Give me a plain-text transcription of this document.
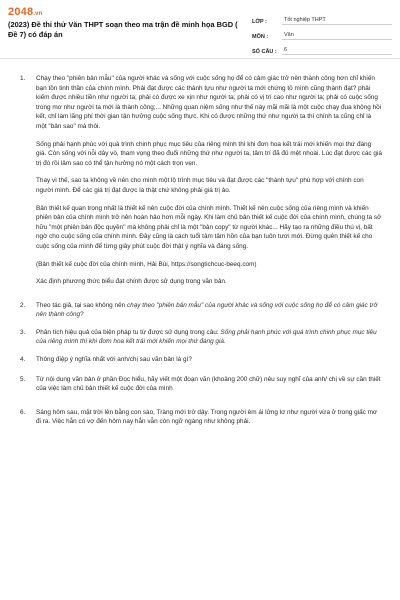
2048.vn
(2023) Đề thi thử Văn THPT soạn theo ma trận đề minh họa BGD ( Đề 7) có đáp án
LỚP :	Tốt nghiệp THPT
MÔN :	Văn
SỐ CÂU :	6
1. Chạy theo "phiên bản mẫu" của người khác và sống với cuộc sống họ để có cảm giác trở nên thành công hơn chỉ khiến bạn tồn tinh thần của chính mình. Phải đạt được các thành tựu như người ta mới chứng tỏ mình cũng thành đạt? phải kiếm được nhiều tiền như người ta; phải có được xe xịn như người ta; phải có vị trí cao như người ta; phải có cuộc sống trong mơ như người ta mới là thành công;... Những quan niệm sống như thế này mãi mãi là một cuộc chạy đua không hồi kết, chỉ làm lãng phí thời gian tận hưởng cuộc sống thực. Khi có được những thứ như người ta thì chính ta cũng chỉ là một "bản sao" mà thôi.

Sống phải hạnh phúc với quá trình chinh phục mục tiêu của riêng mình thì khi đơn hoa kết trái mới khiến mọi thứ đáng giá. Còn sống với nỗi dây vò, tham vọng theo đuổi những thứ như người ta, tâm trí đã đủ mệt nhoài. Lúc đạt được các giá trị đó rồi lâm sao có thể tận hưởng nó một cách trọn vẹn.

Thay vì thế, sao ta không về nên cho mình một lộ trình mục tiêu và đạt được các "thành tựu" phù hợp với chính con người mình. Để các giá trị đạt được là thật chứ không phải giá trị ảo.

Bản thiết kế quan trọng nhất là thiết kế nên cuộc đời của chính mình. Thiết kế nên cuộc sống của riêng mình và khiến phiên bản của chính mình trở nên hoàn hảo hơn mỗi ngày. Khi làm chủ bản thiết kế cuộc đời của chính mình, chúng ta sở hữu "một phiên bản độc quyền" mà không phải chỉ là một "bản copy" từ người khác... Hãy tạo ra những điều thú vị, bất ngờ cho cuộc sống của chính mình. Đây cũng là cách tuổi tâm tâm hồn của bạn luôn tươi mới. Đừng quên thiết kế cho cuộc sống của mình để từng giây phút cuộc đời thật ý nghĩa và đáng sống.

(Bản thiết kế cuộc đời của chính mình, Hải Bùi, https://songtichcuc-beeq.com)

Xác định phương thức biểu đạt chính được sử dụng trong văn bản.

2. Theo tác giả, tại sao không nên chạy theo "phiên bản mẫu" của người khác và sống với cuộc sống họ để có cảm giác trở nên thành công?

3. Phân tích hiệu quả của biện pháp tu từ được sử dụng trong câu: Sống phải hạnh phúc với quá trình chinh phục mục tiêu của riêng mình thì khi đơm hoa kết trái mới khiến mọi thứ đáng giá.

4. Thông điệp ý nghĩa nhất với anh/chị sau văn bản là gì?

5. Từ nội dung văn bản ở phần Đọc hiểu, hãy viết một đoạn văn (khoảng 200 chữ) nêu suy nghĩ của anh/ chị về sự cần thiết của việc làm chủ bản thiết kế cuộc đời của mình

6. Sáng hôm sau, mặt trời lên bằng con sào, Tràng mới trở dậy. Trong người êm ái lửng lơ như người vừa ở trong giấc mơ đi ra. Việc hắn có vợ đến hôm nay hắn vẫn còn ngỡ ngàng như không phải.
